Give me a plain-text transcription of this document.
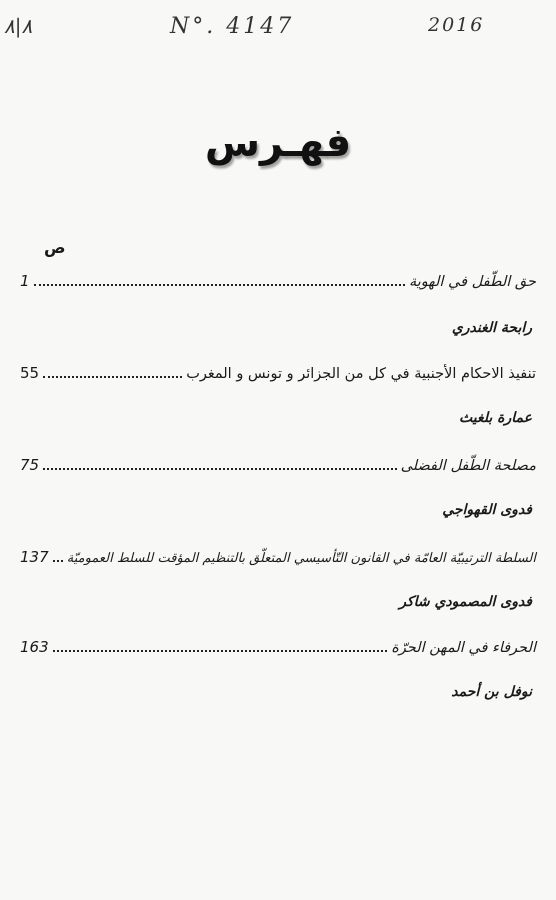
٨|٨	N°. 4147	2016
فهـرس
ص
حق الطّفل في الهوية
1
رابحة الغندري
تنفيذ الاحكام الأجنبية في كل من الجزائر و تونس و المغرب
55
عمارة بلغيث
مصلحة الطّفل الفضلى
75
فدوى القهواجي
السلطة الترتيبيّة العامّة في القانون التّأسيسي المتعلّق بالتنظيم المؤقت للسلط العموميّة
137
فدوى المصمودي شاكر
الحرفاء في المهن الحرّة
163
نوفل بن أحمد
